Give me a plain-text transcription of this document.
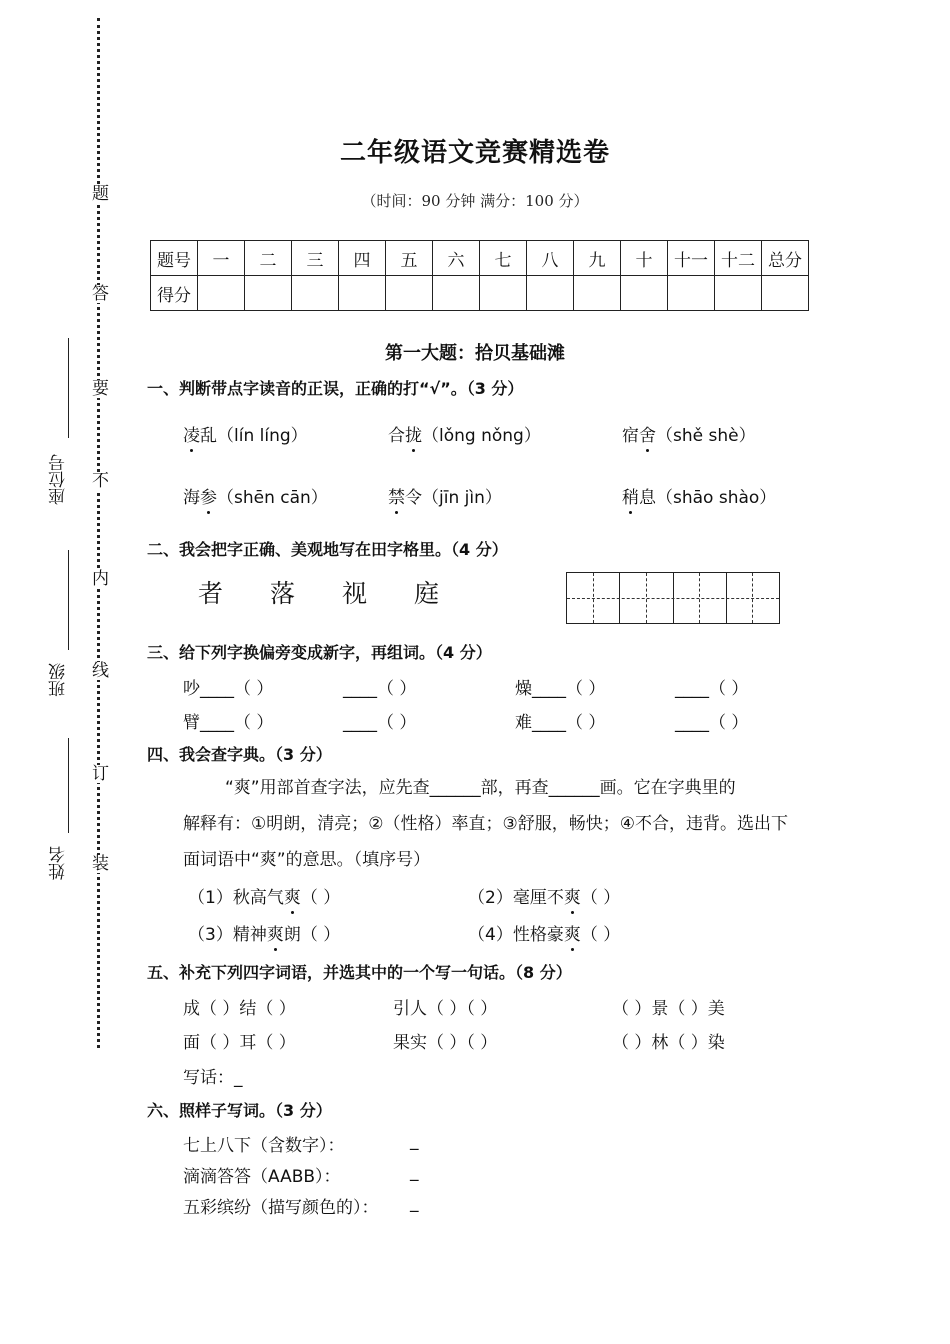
题
答
要
不
内
线
订
装
座位号
班级
姓名
二年级语文竞赛精选卷
（时间：90 分钟 满分：100 分）
题号	一	二	三	四	五	六	七	八	九	十	十一	十二	总分
得分													
第一大题：拾贝基础滩
一、判断带点字读音的正误，正确的打“√”。（3 分）
凌乱（lín líng）	合拢（lǒng nǒng）	宿舍（shě shè）
海参（shēn cān）	禁令（jīn jìn）	稍息（shāo shào）
二、我会把字正确、美观地写在田字格里。（4 分）
者 落 视 庭
三、给下列字换偏旁变成新字，再组词。（4 分）
吵____（ ）	____（ ）	燥____（ ）	____（ ）
臂____（ ）	____（ ）	难____（ ）	____（ ）
四、我会查字典。（3 分）
“爽”用部首查字法，应先查______部，再查______画。它在字典里的
解释有：①明朗，清亮；②（性格）率直；③舒服，畅快；④不合，违背。选出下
面词语中“爽”的意思。（填序号）
（1）秋高气爽（ ）	（2）毫厘不爽（ ）
（3）精神爽朗（ ）	（4）性格豪爽（ ）
五、补充下列四字词语，并选其中的一个写一句话。（8 分）
成（ ）结（ ）	引人（ ）（ ）	（ ）景（ ）美
面（ ）耳（ ）	果实（ ）（ ）	（ ）林（ ）染
写话：_
六、照样子写词。（3 分）
七上八下（含数字）：	_
滴滴答答（AABB）：	_
五彩缤纷（描写颜色的）： _
